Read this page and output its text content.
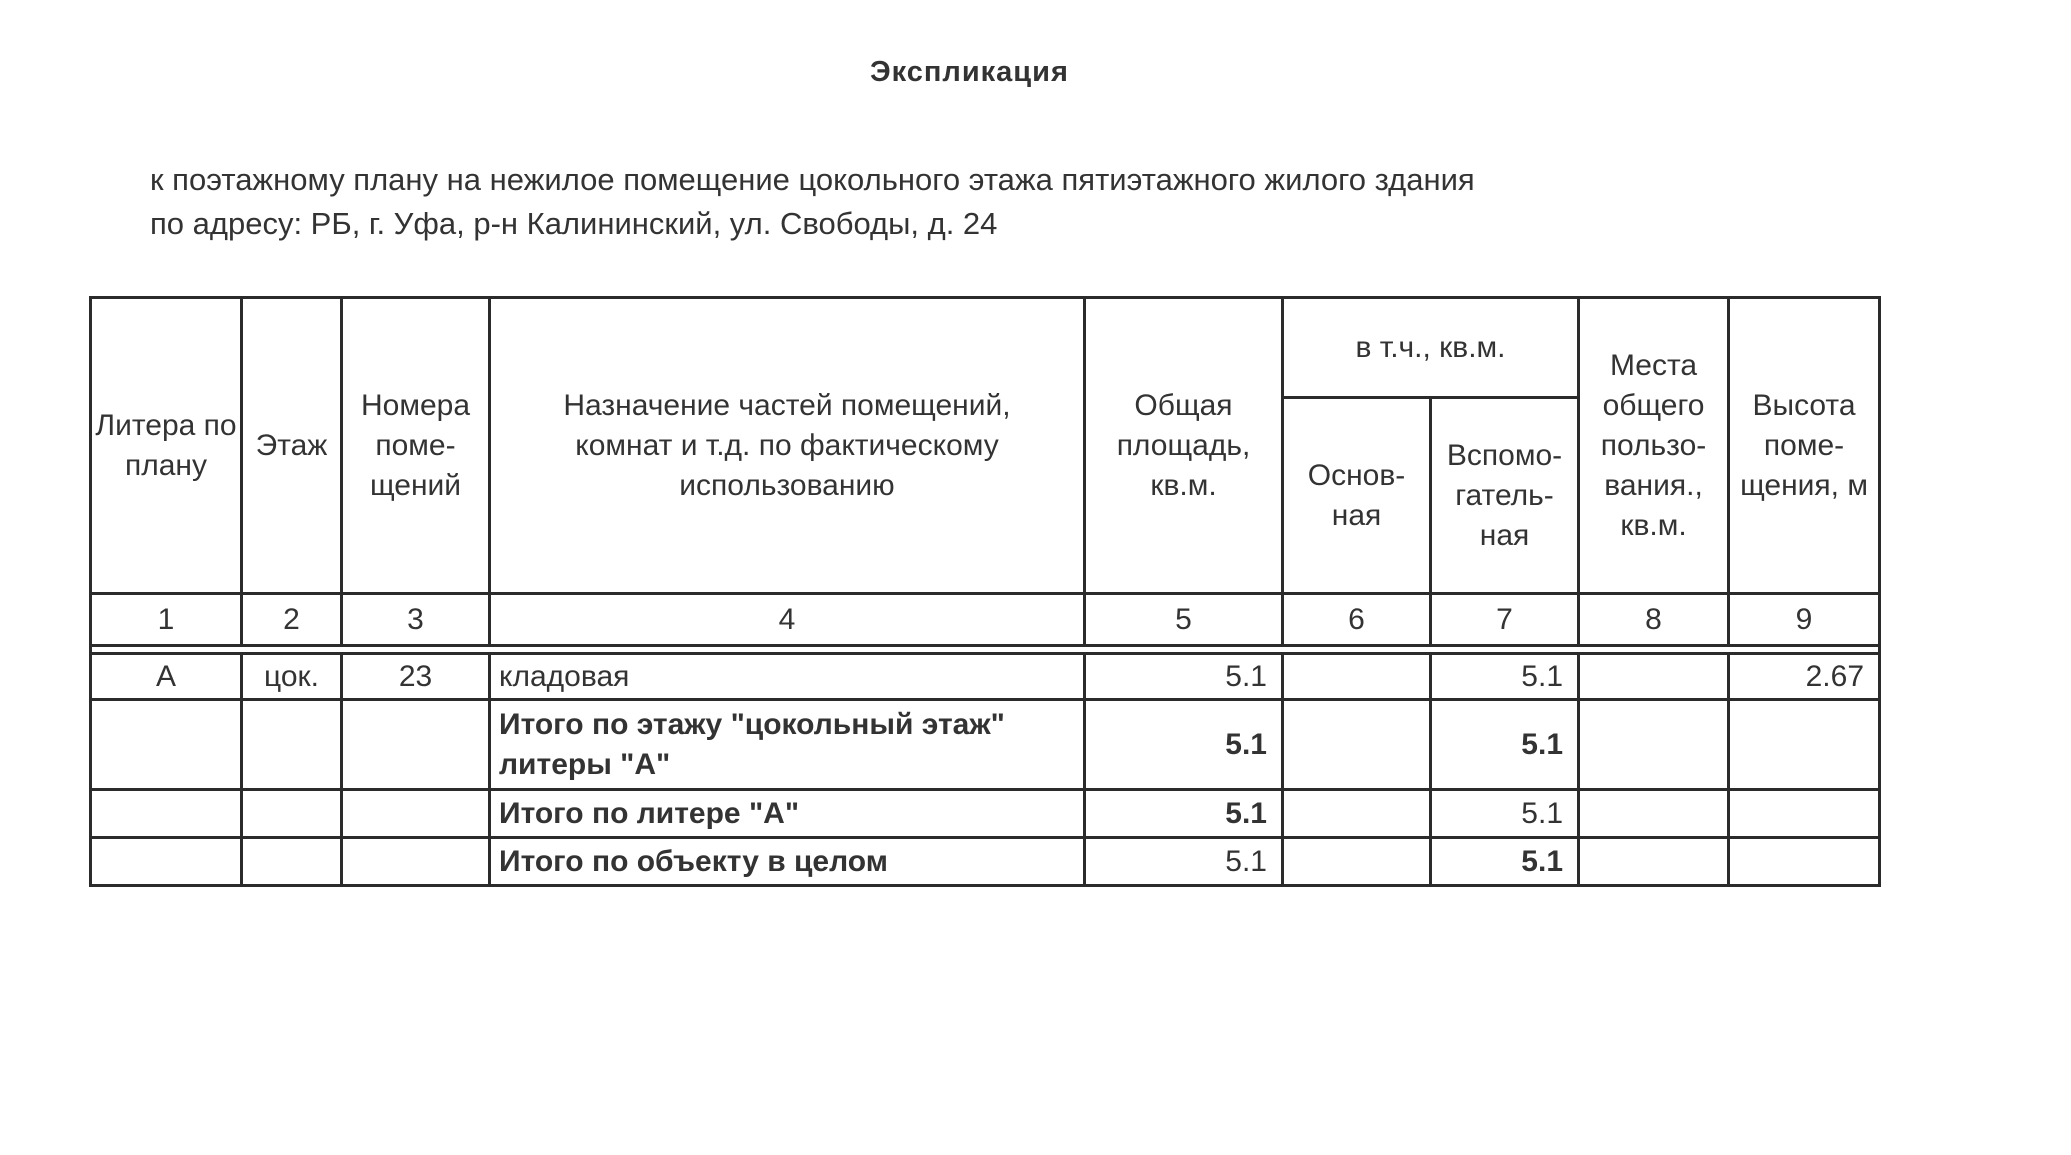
Экспликация
к поэтажному плану на нежилое помещение цокольного этажа пятиэтажного жилого здания
по адресу: РБ, г. Уфа, р-н Калининский, ул. Свободы, д. 24
Литера по плану	Этаж	Номера поме-щений	Назначение частей помещений, комнат и т.д. по фактическому использованию	Общая площадь, кв.м.	в т.ч., кв.м.		Места общего пользо-вания., кв.м.	Высота поме-щения, м
					Основ-ная	Вспомо-гатель-ная		
1	2	3	4	5	6	7	8	9

А	цок.	23	кладовая	5.1		5.1		2.67
			Итого по этажу "цокольный этаж" литеры "А"	5.1		5.1		
			Итого по литере "А"	5.1		5.1		
			Итого по объекту в целом	5.1		5.1		
